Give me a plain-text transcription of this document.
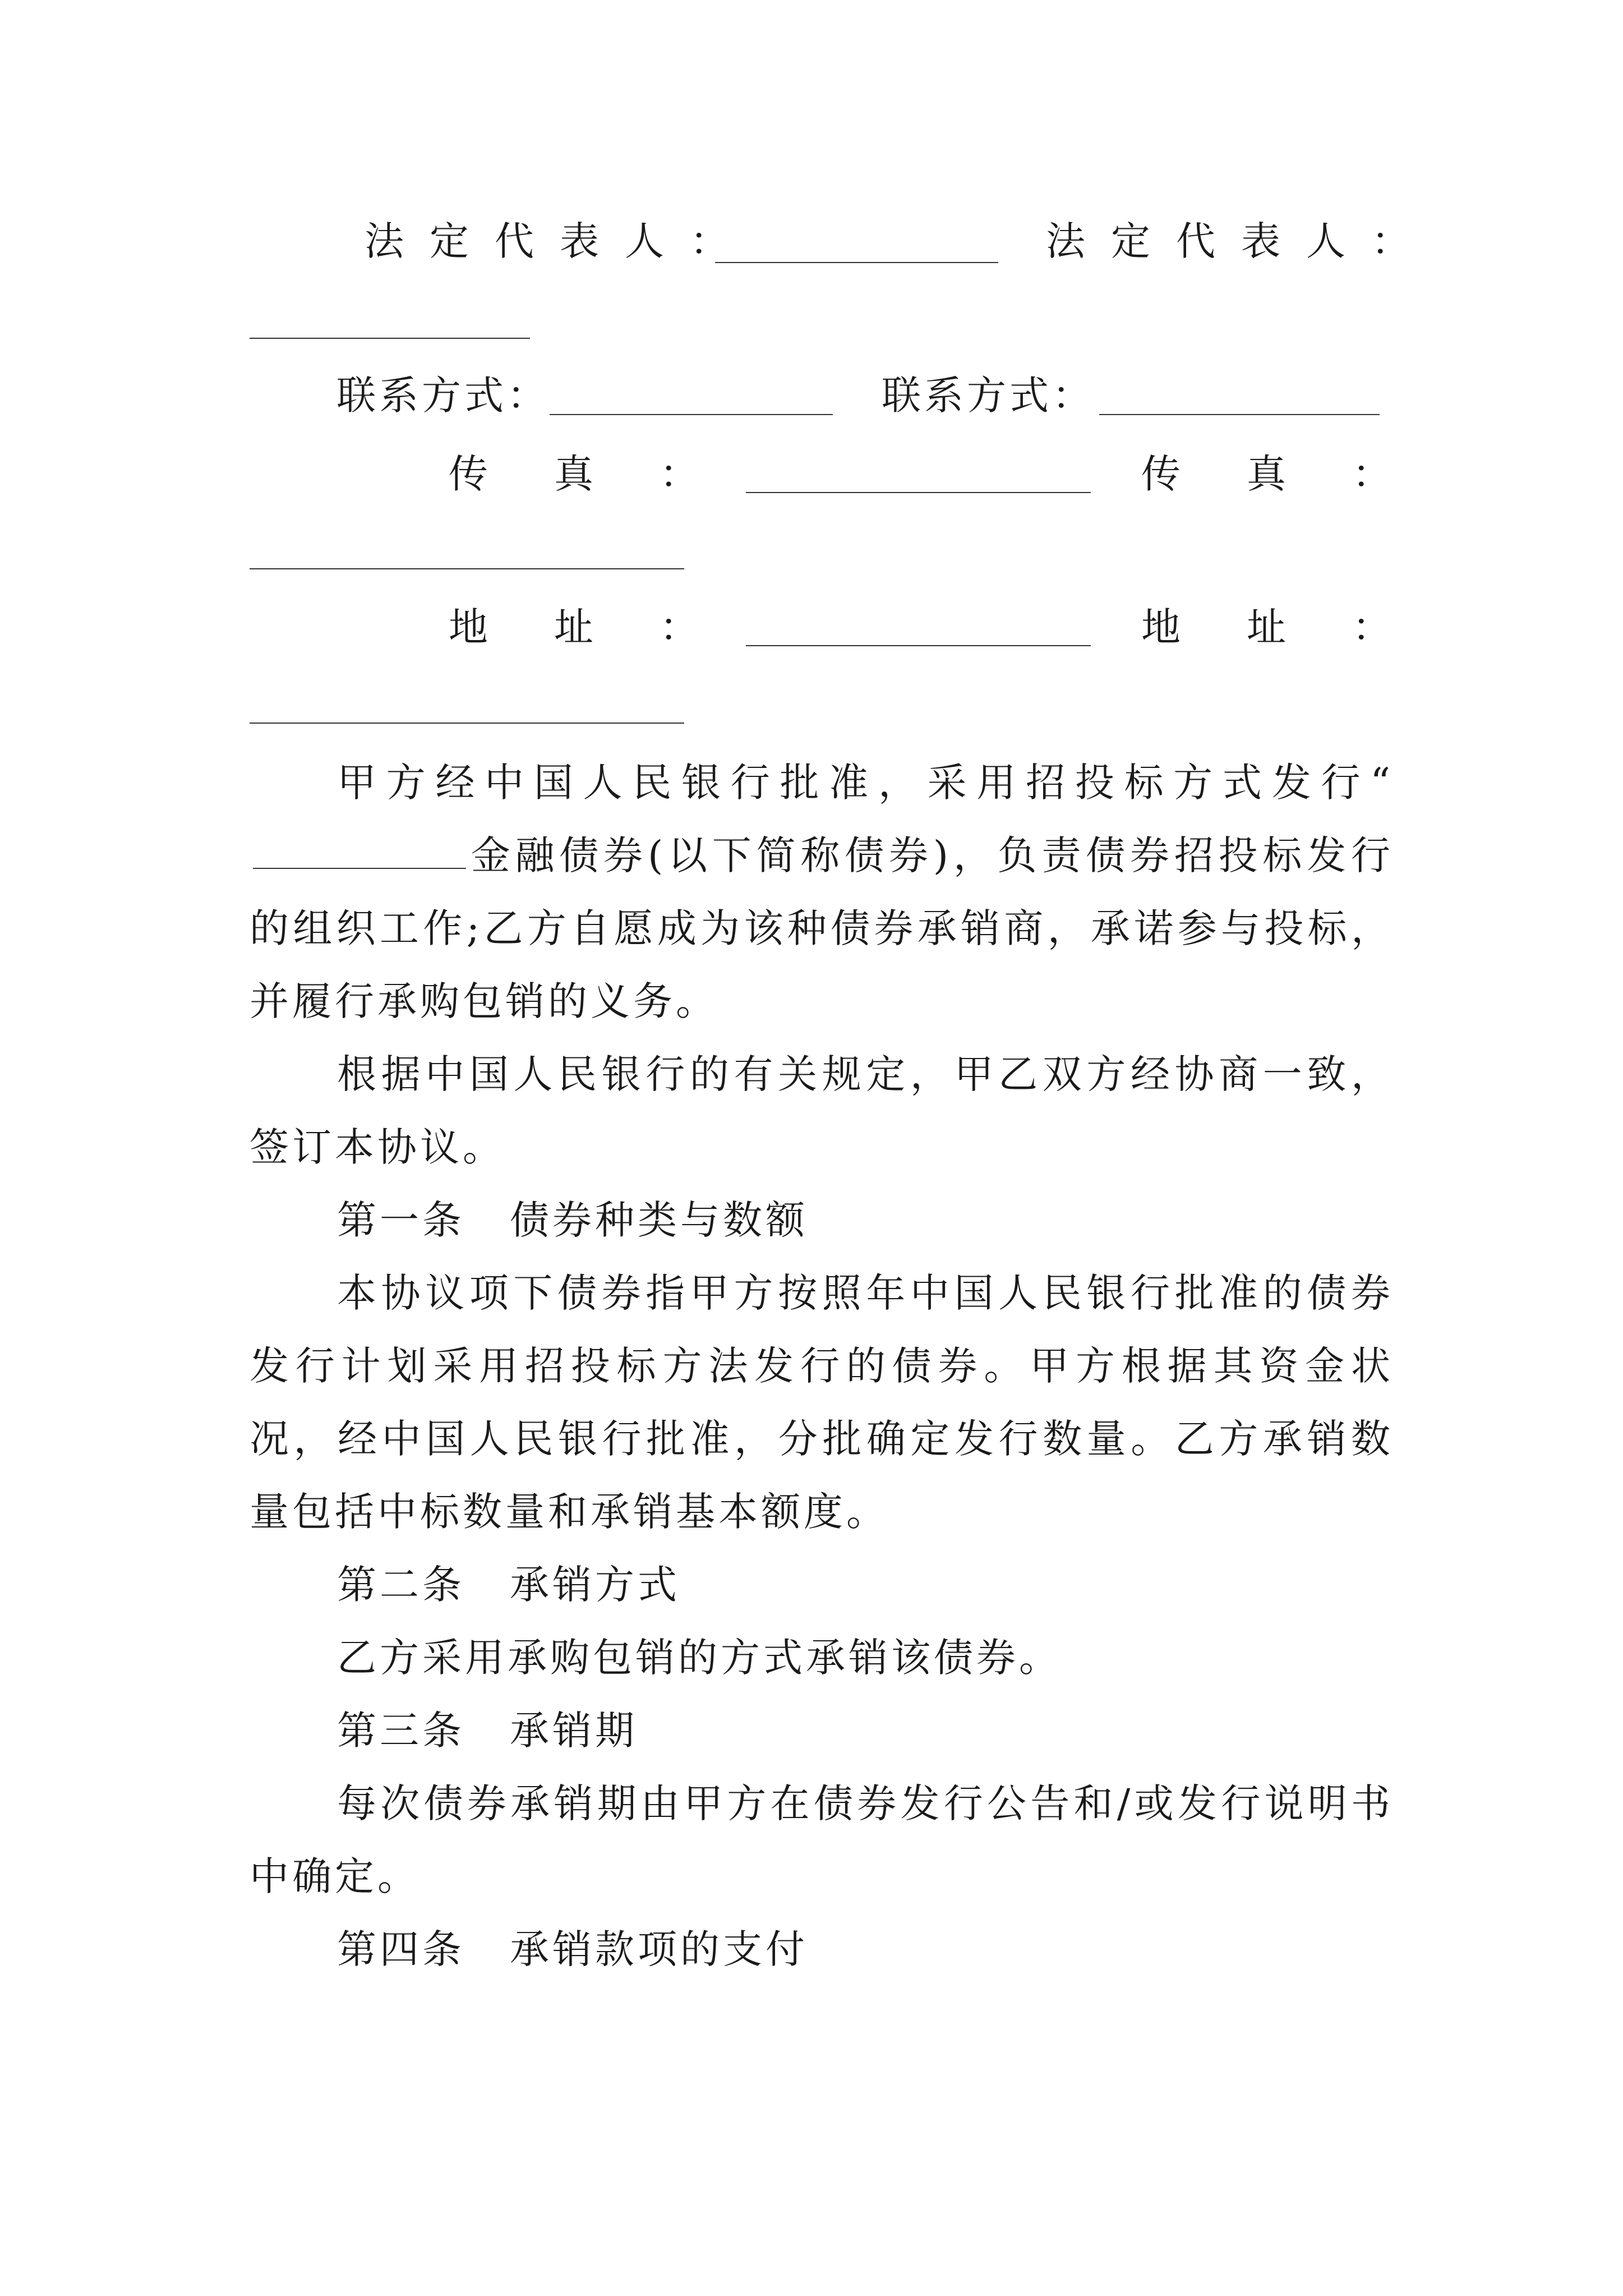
法定代表人：	法定代表人：
联系方式：	联系方式：
传真：	传真：
地址：	地址：

甲方经中国人民银行批准，采用招投标方式发行“金融债券(以下简称债券)，负责债券招投标发行的组织工作;乙方自愿成为该种债券承销商，承诺参与投标，并履行承购包销的义务。

根据中国人民银行的有关规定，甲乙双方经协商一致，签订本协议。

第一条 债券种类与数额

本协议项下债券指甲方按照年中国人民银行批准的债券发行计划采用招投标方法发行的债券。甲方根据其资金状况，经中国人民银行批准，分批确定发行数量。乙方承销数量包括中标数量和承销基本额度。

第二条 承销方式

乙方采用承购包销的方式承销该债券。

第三条 承销期

每次债券承销期由甲方在债券发行公告和/或发行说明书中确定。

第四条 承销款项的支付
